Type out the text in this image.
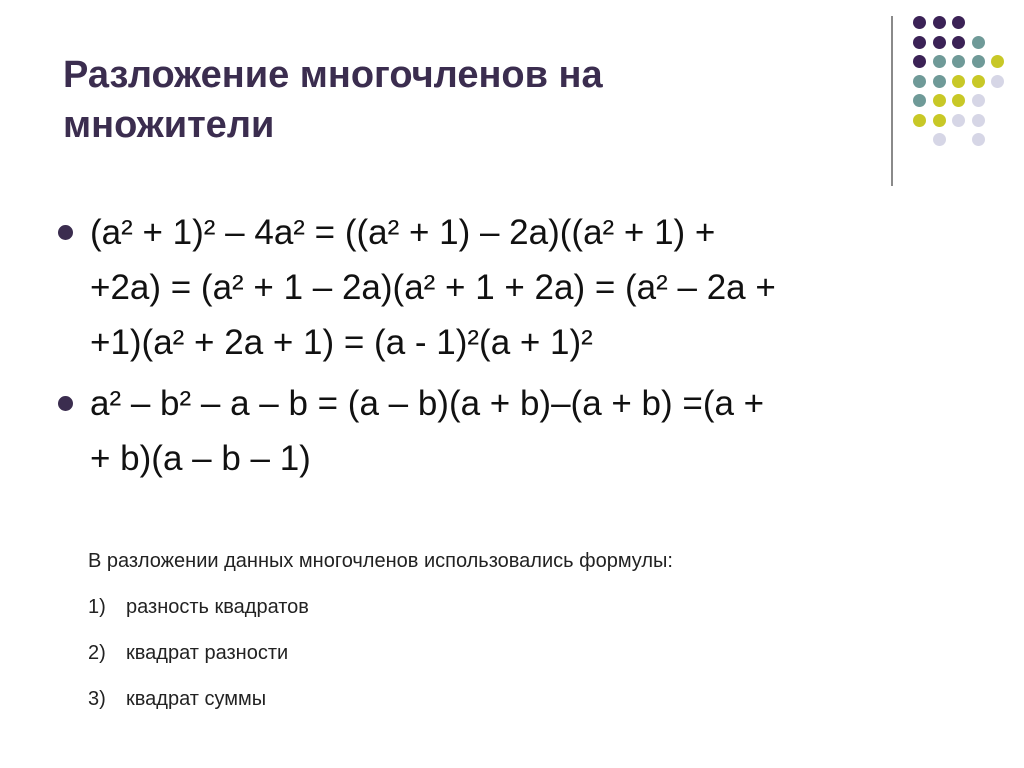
Разложение многочленов на
множители
(a² + 1)² – 4a² = ((a² + 1) – 2a)((a² + 1) +
+2a) = (a² + 1 – 2a)(a² + 1 + 2a) = (a² – 2a +
+1)(a² + 2a + 1) = (a - 1)²(a + 1)²
a² – b² – a – b = (a – b)(a + b)–(a + b) =(a +
+ b)(a – b – 1)
В разложении данных многочленов использовались формулы:
1)	разность квадратов
2)	квадрат разности
3)	квадрат суммы
